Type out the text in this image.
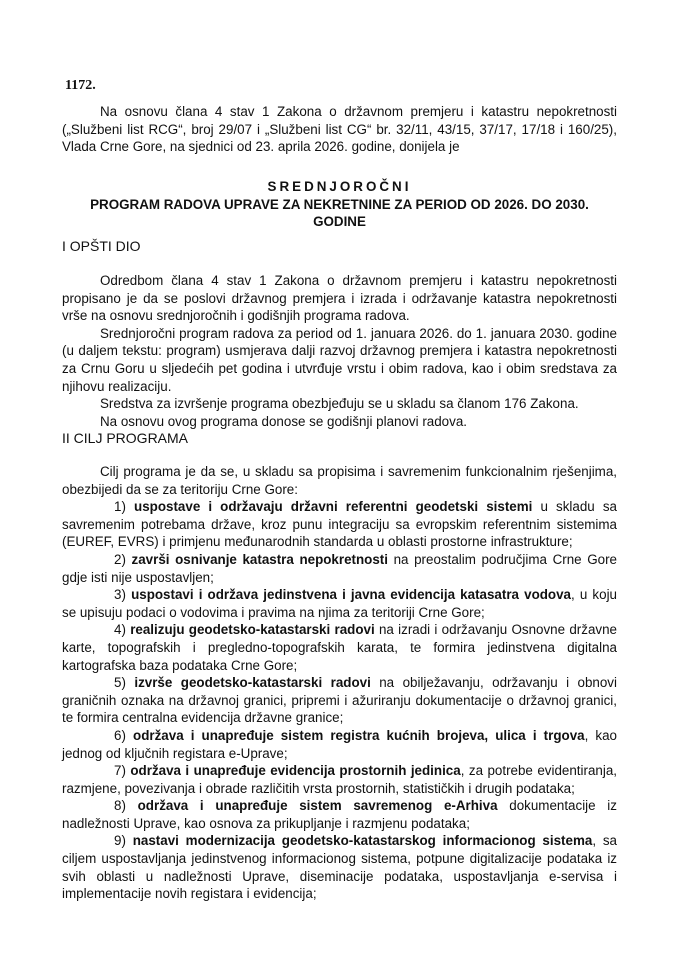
1172.

Na osnovu člana 4 stav 1 Zakona o državnom premjeru i katastru nepokretnosti („Službeni list RCG“, broj 29/07 i „Službeni list CG“ br. 32/11, 43/15, 37/17, 17/18 i 160/25), Vlada Crne Gore, na sjednici od 23. aprila 2026. godine, donijela je

SREDNJOROČNI

PROGRAM RADOVA UPRAVE ZA NEKRETNINE ZA PERIOD OD 2026. DO 2030. GODINE

I OPŠTI DIO

Odredbom člana 4 stav 1 Zakona o državnom premjeru i katastru nepokretnosti propisano je da se poslovi državnog premjera i izrada i održavanje katastra nepokretnosti vrše na osnovu srednjoročnih i godišnjih programa radova.

Srednjoročni program radova za period od 1. januara 2026. do 1. januara 2030. godine (u daljem tekstu: program) usmjerava dalji razvoj državnog premjera i katastra nepokretnosti za Crnu Goru u sljedećih pet godina i utvrđuje vrstu i obim radova, kao i obim sredstava za njihovu realizaciju.

Sredstva za izvršenje programa obezbjeđuju se u skladu sa članom 176 Zakona.

Na osnovu ovog programa donose se godišnji planovi radova.

II CILJ PROGRAMA

Cilj programa je da se, u skladu sa propisima i savremenim funkcionalnim rješenjima, obezbijedi da se za teritoriju Crne Gore:

1) uspostave i održavaju državni referentni geodetski sistemi u skladu sa savremenim potrebama države, kroz punu integraciju sa evropskim referentnim sistemima (EUREF, EVRS) i primjenu međunarodnih standarda u oblasti prostorne infrastrukture;

2) završi osnivanje katastra nepokretnosti na preostalim područjima Crne Gore gdje isti nije uspostavljen;

3) uspostavi i održava jedinstvena i javna evidencija katasatra vodova, u koju se upisuju podaci o vodovima i pravima na njima za teritoriji Crne Gore;

4) realizuju geodetsko-katastarski radovi na izradi i održavanju Osnovne državne karte, topografskih i pregledno-topografskih karata, te formira jedinstvena digitalna kartografska baza podataka Crne Gore;

5) izvrše geodetsko-katastarski radovi na obilježavanju, održavanju i obnovi graničnih oznaka na državnoj granici, pripremi i ažuriranju dokumentacije o državnoj granici, te formira centralna evidencija državne granice;

6) održava i unapređuje sistem registra kućnih brojeva, ulica i trgova, kao jednog od ključnih registara e-Uprave;

7) održava i unapređuje evidencija prostornih jedinica, za potrebe evidentiranja, razmjene, povezivanja i obrade različitih vrsta prostornih, statističkih i drugih podataka;

8) održava i unapređuje sistem savremenog e-Arhiva dokumentacije iz nadležnosti Uprave, kao osnova za prikupljanje i razmjenu podataka;

9) nastavi modernizacija geodetsko-katastarskog informacionog sistema, sa ciljem uspostavljanja jedinstvenog informacionog sistema, potpune digitalizacije podataka iz svih oblasti u nadležnosti Uprave, diseminacije podataka, uspostavljanja e-servisa i implementacije novih registara i evidencija;
